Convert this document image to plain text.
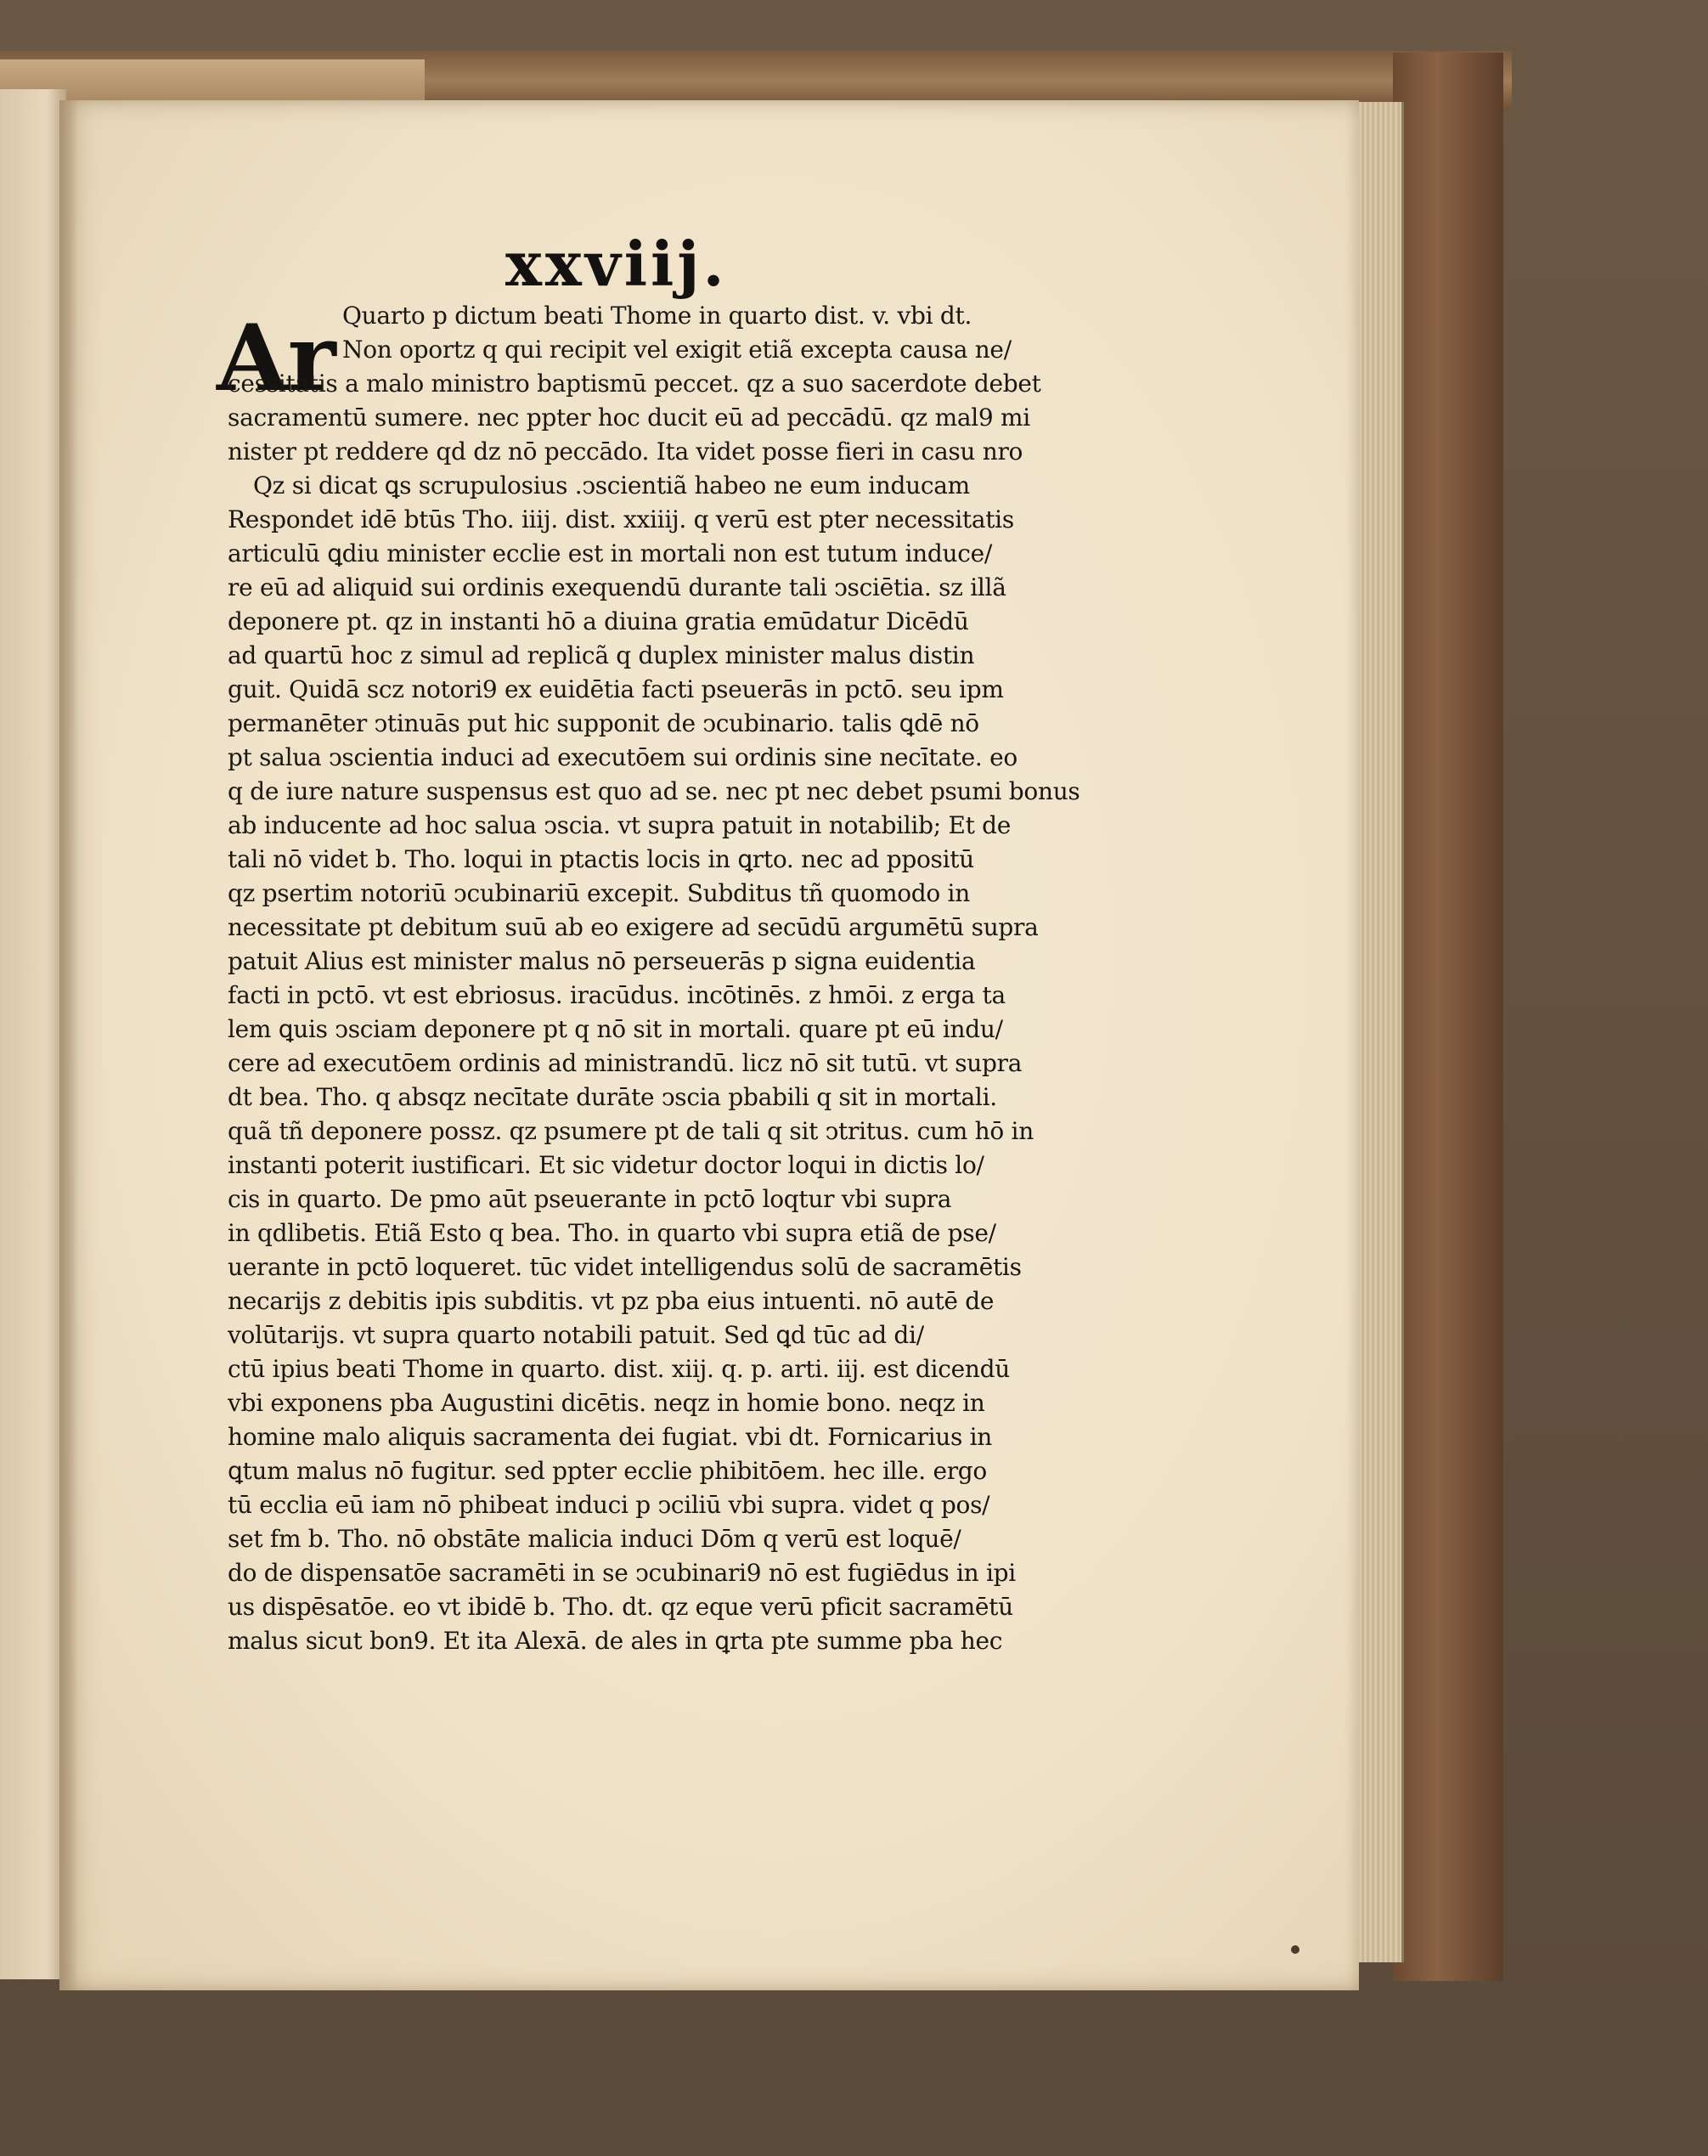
xxviij.
Ar Quarto p dictum beati Thome in quarto dist. v. vbi dt.
Non oportz q qui recipit vel exigit etiã excepta causa ne/
cessitatis a malo ministro baptismū peccet. qz a suo sacerdote debet
sacramentū sumere. nec ppter hoc ducit eū ad peccādū. qz mal9 mi
nister pt reddere qd dz nō peccādo. Ita videt posse fieri in casu nro
Qz si dicat ꝗs scrupulosius .ↄscientiã habeo ne eum inducam
Respondet idē btūs Tho. iiij. dist. xxiiij. q verū est pter necessitatis
articulū ꝗdiu minister ecclie est in mortali non est tutum induce/
re eū ad aliquid sui ordinis exequendū durante tali ↄsciētia. sz illã
deponere pt. qz in instanti hō a diuina gratia emūdatur Dicēdū
ad quartū hoc z simul ad replicã q duplex minister malus distin
guit. Quidā scz notori9 ex euidētia facti pseuerās in pctō. seu ipm
permanēter ↄtinuās put hic supponit de ↄcubinario. talis ꝗdē nō
pt salua ↄscientia induci ad executōem sui ordinis sine necītate. eo
q de iure nature suspensus est quo ad se. nec pt nec debet psumi bonus
ab inducente ad hoc salua ↄscia. vt supra patuit in notabilib; Et de
tali nō videt b. Tho. loqui in ptactis locis in ꝗrto. nec ad ppositū
qz psertim notoriū ↄcubinariū excepit. Subditus tñ quomodo in
necessitate pt debitum suū ab eo exigere ad secūdū argumētū supra
patuit Alius est minister malus nō perseuerās p signa euidentia
facti in pctō. vt est ebriosus. iracūdus. incōtinēs. z hmōi. z erga ta
lem ꝗuis ↄsciam deponere pt q nō sit in mortali. quare pt eū indu/
cere ad executōem ordinis ad ministrandū. licz nō sit tutū. vt supra
dt bea. Tho. q absqz necītate durāte ↄscia pbabili q sit in mortali.
quã tñ deponere possz. qz psumere pt de tali q sit ↄtritus. cum hō in
instanti poterit iustificari. Et sic videtur doctor loqui in dictis lo/
cis in quarto. De pmo aūt pseuerante in pctō loqtur vbi supra
in qdlibetis. Etiã Esto q bea. Tho. in quarto vbi supra etiã de pse/
uerante in pctō loqueret. tūc videt intelligendus solū de sacramētis
necarijs z debitis ipis subditis. vt pz pba eius intuenti. nō autē de
volūtarijs. vt supra quarto notabili patuit. Sed ꝗd tūc ad di/
ctū ipius beati Thome in quarto. dist. xiij. q. p. arti. iij. est dicendū
vbi exponens pba Augustini dicētis. neqz in homie bono. neqz in
homine malo aliquis sacramenta dei fugiat. vbi dt. Fornicarius in
ꝗtum malus nō fugitur. sed ppter ecclie phibitōem. hec ille. ergo
tū ecclia eū iam nō phibeat induci p ↄciliū vbi supra. videt q pos/
set fm b. Tho. nō obstāte malicia induci Dōm q verū est loquē/
do de dispensatōe sacramēti in se ↄcubinari9 nō est fugiēdus in ipi
us dispēsatōe. eo vt ibidē b. Tho. dt. qz eque verū pficit sacramētū
malus sicut bon9. Et ita Alexā. de ales in ꝗrta pte summe pba hec
